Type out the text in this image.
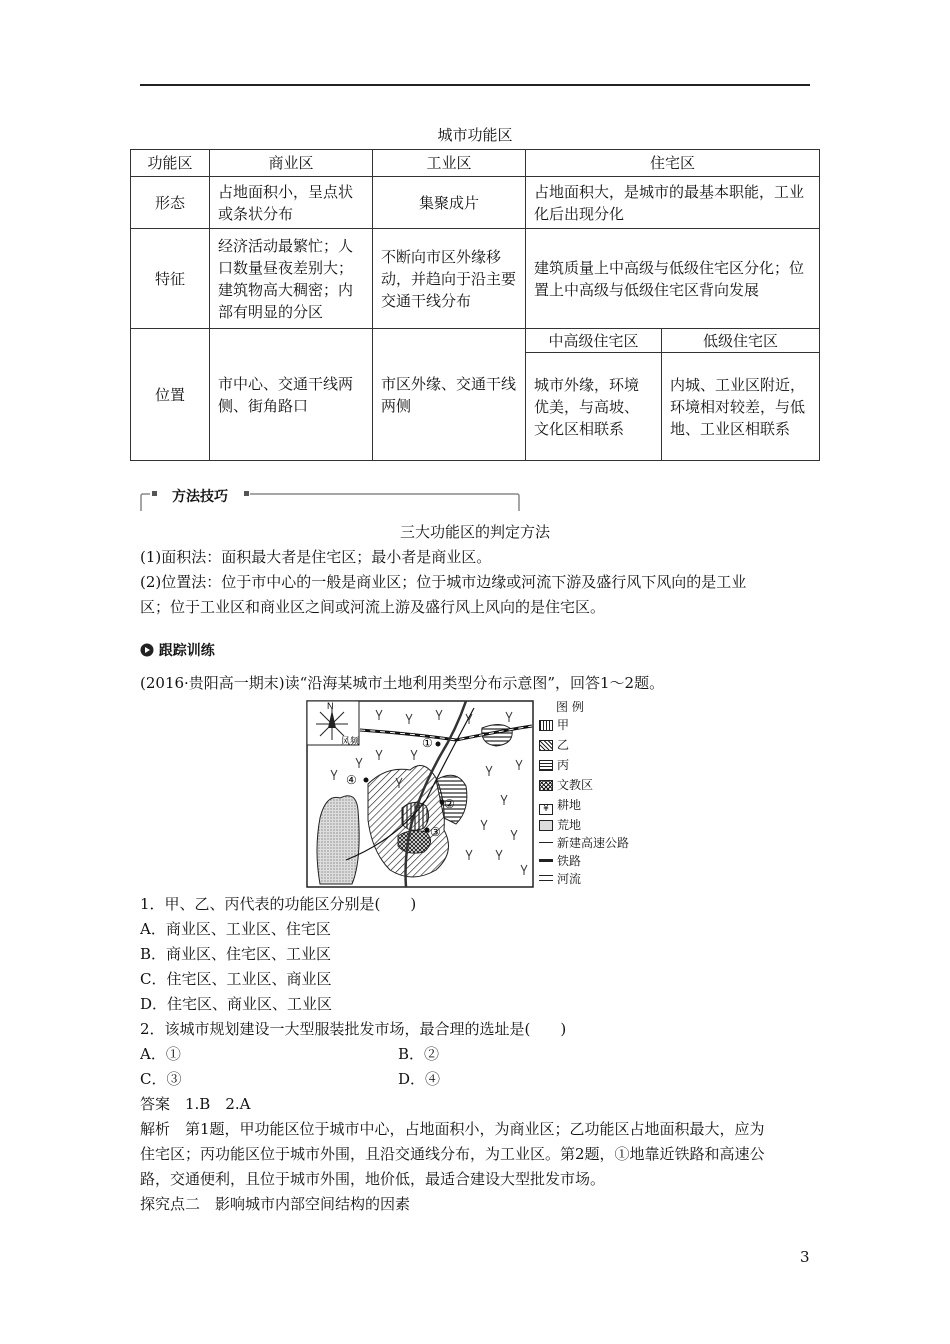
城市功能区
功能区	商业区	工业区	住宅区	
形态	占地面积小，呈点状或条状分布	集聚成片	占地面积大，是城市的最基本职能，工业化后出现分化	
特征	经济活动最繁忙；人口数量昼夜差别大；建筑物高大稠密；内部有明显的分区	不断向市区外缘移动，并趋向于沿主要交通干线分布	建筑质量上中高级与低级住宅区分化；位置上中高级与低级住宅区背向发展	
位置	市中心、交通干线两侧、街角路口	市区外缘、交通干线两侧	中高级住宅区	低级住宅区
			城市外缘，环境优美，与高坡、文化区相联系	内城、工业区附近，环境相对较差，与低地、工业区相联系
方法技巧
三大功能区的判定方法
(1)面积法：面积最大者是住宅区；最小者是商业区。
(2)位置法：位于市中心的一般是商业区；位于城市边缘或河流下游及盛行风下风向的是工业
区；位于工业区和商业区之间或河流上游及盛行风上风向的是住宅区。
跟踪训练
(2016·贵阳高一期末)读“沿海某城市土地利用类型分布示意图”，回答1～2题。
N
风频	①
②
③
④
图 例
甲
乙
丙
文教区
¥ 耕地
荒地
新建高速公路
铁路
河流
1．甲、乙、丙代表的功能区分别是(　　)
A．商业区、工业区、住宅区
B．商业区、住宅区、工业区
C．住宅区、工业区、商业区
D．住宅区、商业区、工业区
2．该城市规划建设一大型服装批发市场，最合理的选址是(　　)
A．①	B．②
C．③	D．④
答案　1.B　2.A
解析　第1题，甲功能区位于城市中心，占地面积小，为商业区；乙功能区占地面积最大，应为
住宅区；丙功能区位于城市外围，且沿交通线分布，为工业区。第2题，①地靠近铁路和高速公
路，交通便利，且位于城市外围，地价低，最适合建设大型批发市场。
探究点二　影响城市内部空间结构的因素
3
